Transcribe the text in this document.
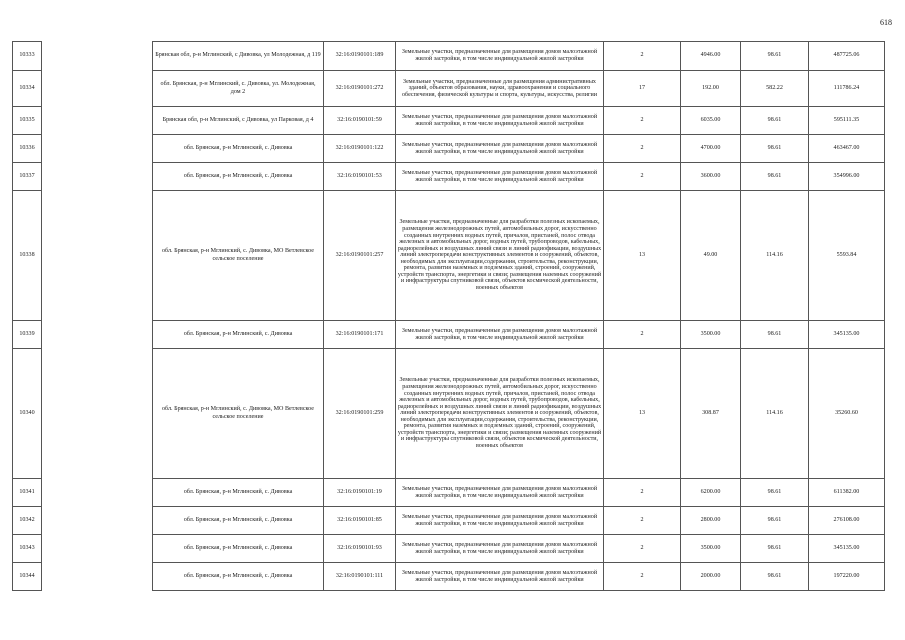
618
10333		Брянская обл, р-н Мглинский, с Дивовка, ул Молодежная, д 119	32:16:0190101:189	Земельные участки, предназначенные для размещения домов малоэтажной жилой застройки, в том числе индивидуальной жилой застройки	2	4946.00	98.61	487725.06
10334		обл. Брянская, р-н Мглинский, с. Дивовка, ул. Молодежная, дом 2	32:16:0190101:272	Земельные участки, предназначенные для размещения административных зданий, объектов образования, науки, здравоохранения и социального обеспечения, физической культуры и спорта, культуры, искусства, религии	17	192.00	582.22	111786.24
10335		Брянская обл, р-н Мглинский, с Дивовка, ул Парковая, д 4	32:16:0190101:59	Земельные участки, предназначенные для размещения домов малоэтажной жилой застройки, в том числе индивидуальной жилой застройки	2	6035.00	98.61	595111.35
10336		обл. Брянская, р-н Мглинский, с. Дивовка	32:16:0190101:122	Земельные участки, предназначенные для размещения домов малоэтажной жилой застройки, в том числе индивидуальной жилой застройки	2	4700.00	98.61	463467.00
10337		обл. Брянская, р-н Мглинский, с. Дивовка	32:16:0190101:53	Земельные участки, предназначенные для размещения домов малоэтажной жилой застройки, в том числе индивидуальной жилой застройки	2	3600.00	98.61	354996.00
10338		обл. Брянская, р-н Мглинский, с. Дивовка, МО Ветлевское сельское поселение	32:16:0190101:257	Земельные участки, предназначенные для разработки полезных ископаемых, размещения железнодорожных путей, автомобильных дорог, искусственно созданных внутренних водных путей, причалов, пристаней, полос отвода железных и автомобильных дорог, водных путей, трубопроводов, кабельных, радиорелейных и воздушных линий связи и линий радиофикации, воздушных линий электропередачи конструктивных элементов и сооружений, объектов, необходимых для эксплуатации,содержания, строительства, реконструкции, ремонта, развития наземных и подземных зданий, строений, сооружений, устройств транспорта, энергетики и связи; размещения наземных сооружений и инфраструктуры спутниковой связи, объектов космической деятельности, военных объектов	13	49.00	114.16	5593.84
10339		обл. Брянская, р-н Мглинский, с. Дивовка	32:16:0190101:171	Земельные участки, предназначенные для размещения домов малоэтажной жилой застройки, в том числе индивидуальной жилой застройки	2	3500.00	98.61	345135.00
10340		обл. Брянская, р-н Мглинский, с. Дивовка, МО Ветлевское сельское поселение	32:16:0190101:259	Земельные участки, предназначенные для разработки полезных ископаемых, размещения железнодорожных путей, автомобильных дорог, искусственно созданных внутренних водных путей, причалов, пристаней, полос отвода железных и автомобильных дорог, водных путей, трубопроводов, кабельных, радиорелейных и воздушных линий связи и линий радиофикации, воздушных линий электропередачи конструктивных элементов и сооружений, объектов, необходимых для эксплуатации,содержания, строительства, реконструкции, ремонта, развития наземных и подземных зданий, строений, сооружений, устройств транспорта, энергетики и связи; размещения наземных сооружений и инфраструктуры спутниковой связи, объектов космической деятельности, военных объектов	13	308.87	114.16	35260.60
10341		обл. Брянская, р-н Мглинский, с. Дивовка	32:16:0190101:19	Земельные участки, предназначенные для размещения домов малоэтажной жилой застройки, в том числе индивидуальной жилой застройки	2	6200.00	98.61	611382.00
10342		обл. Брянская, р-н Мглинский, с. Дивовка	32:16:0190101:85	Земельные участки, предназначенные для размещения домов малоэтажной жилой застройки, в том числе индивидуальной жилой застройки	2	2800.00	98.61	276108.00
10343		обл. Брянская, р-н Мглинский, с. Дивовка	32:16:0190101:93	Земельные участки, предназначенные для размещения домов малоэтажной жилой застройки, в том числе индивидуальной жилой застройки	2	3500.00	98.61	345135.00
10344		обл. Брянская, р-н Мглинский, с. Дивовка	32:16:0190101:111	Земельные участки, предназначенные для размещения домов малоэтажной жилой застройки, в том числе индивидуальной жилой застройки	2	2000.00	98.61	197220.00
